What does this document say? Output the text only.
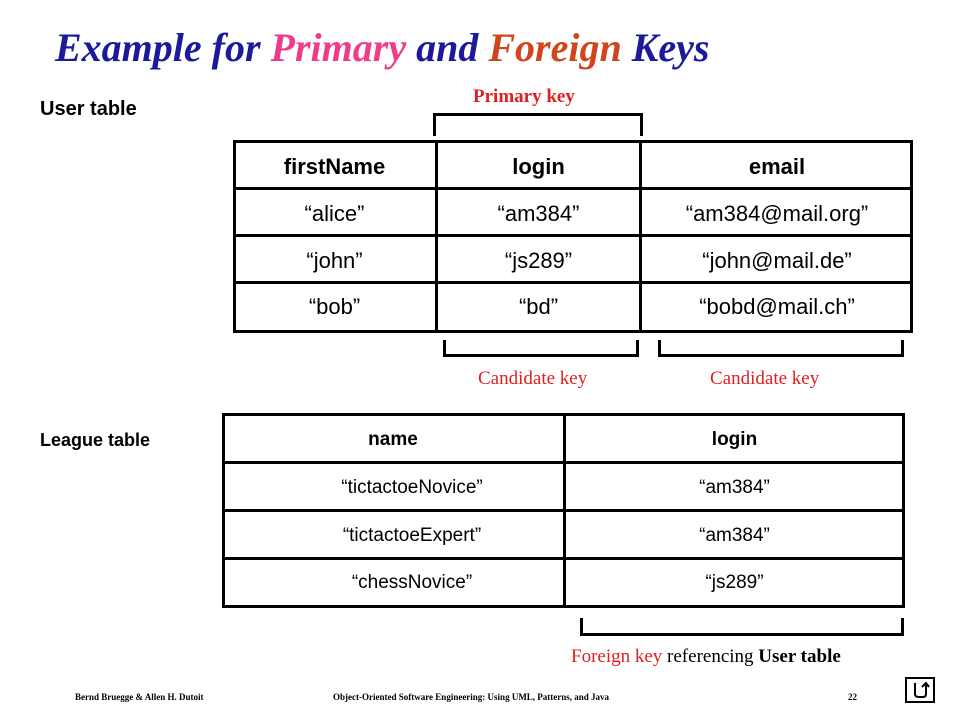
Example for Primary and Foreign Keys
User table
Primary key
firstName	login	email
“alice”	“am384”	“am384@mail.org”
“john”	“js289”	“john@mail.de”
“bob”	“bd”	“bobd@mail.ch”
Candidate key	Candidate key
League table	name	login
“tictactoeNovice”	“am384”
“tictactoeExpert”	“am384”
“chessNovice”	“js289”
Foreign key referencing User table
Bernd Bruegge & Allen H. Dutoit	Object-Oriented Software Engineering: Using UML, Patterns, and Java	22
